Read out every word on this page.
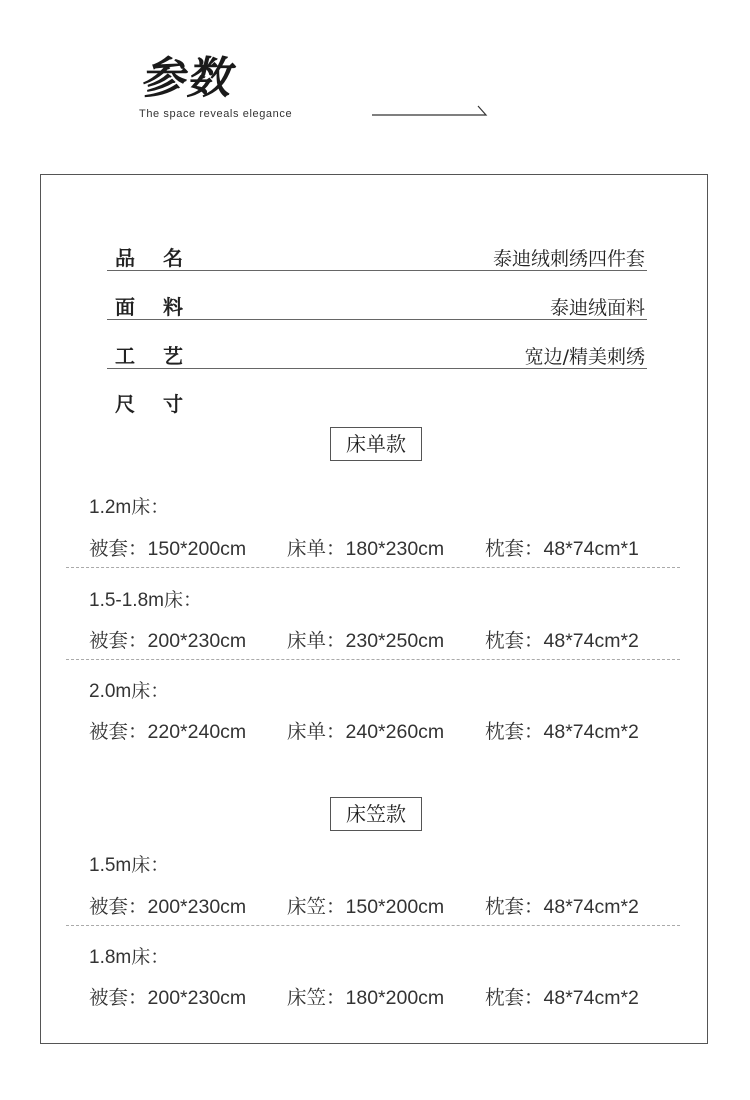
参数
The space reveals elegance
品名	泰迪绒刺绣四件套
面料	泰迪绒面料
工艺	宽边/精美刺绣
尺寸
床单款
1.2m床：
被套：150*200cm 床单：180*230cm 枕套：48*74cm*1
1.5-1.8m床：
被套：200*230cm 床单：230*250cm 枕套：48*74cm*2
2.0m床：
被套：220*240cm 床单：240*260cm 枕套：48*74cm*2
床笠款
1.5m床：
被套：200*230cm 床笠：150*200cm 枕套：48*74cm*2
1.8m床：
被套：200*230cm 床笠：180*200cm 枕套：48*74cm*2
